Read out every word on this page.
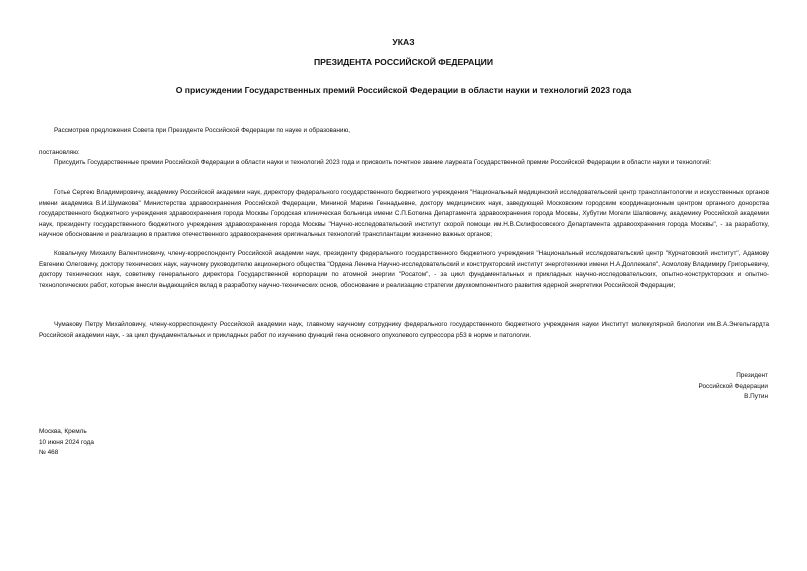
УКАЗ

ПРЕЗИДЕНТА РОССИЙСКОЙ ФЕДЕРАЦИИ

О присуждении Государственных премий Российской Федерации в области науки и технологий 2023 года

Рассмотрев предложения Совета при Президенте Российской Федерации по науке и образованию,

постановляю:

Присудить Государственные премии Российской Федерации в области науки и технологий 2023 года и присвоить почетное звание лауреата Государственной премии Российской Федерации в области науки и технологий:

Готье Сергею Владимировичу, академику Российской академии наук, директору федерального государственного бюджетного учреждения "Национальный медицинский исследовательский центр трансплантологии и искусственных органов имени академика В.И.Шумакова" Министерства здравоохранения Российской Федерации, Мининой Марине Геннадьевне, доктору медицинских наук, заведующей Московским городским координационным центром органного донорства государственного бюджетного учреждения здравоохранения города Москвы Городская клиническая больница имени С.П.Боткина Департамента здравоохранения города Москвы, Хубутии Могели Шалвовичу, академику Российской академии наук, президенту государственного бюджетного учреждения здравоохранения города Москвы "Научно-исследовательский институт скорой помощи им.Н.В.Склифосовского Департамента здравоохранения города Москвы", - за разработку, научное обоснование и реализацию в практике отечественного здравоохранения оригинальных технологий трансплантации жизненно важных органов;

Ковальчуку Михаилу Валентиновичу, члену-корреспонденту Российской академии наук, президенту федерального государственного бюджетного учреждения "Национальный исследовательский центр "Курчатовский институт", Адамову Евгению Олеговичу, доктору технических наук, научному руководителю акционерного общества "Ордена Ленина Научно-исследовательский и конструкторский институт энерготехники имени Н.А.Доллежаля", Асмолову Владимиру Григорьевичу, доктору технических наук, советнику генерального директора Государственной корпорации по атомной энергии "Росатом", - за цикл фундаментальных и прикладных научно-исследовательских, опытно-конструкторских и опытно-технологических работ, которые внесли выдающийся вклад в разработку научно-технических основ, обоснование и реализацию стратегии двухкомпонентного развития ядерной энергетики Российской Федерации;

Чумакову Петру Михайловичу, члену-корреспонденту Российской академии наук, главному научному сотруднику федерального государственного бюджетного учреждения науки Институт молекулярной биологии им.В.А.Энгельгардта Российской академии наук, - за цикл фундаментальных и прикладных работ по изучению функций гена основного опухолевого супрессора p53 в норме и патологии.

Президент
Российской Федерации
В.Путин
Москва, Кремль
10 июня 2024 года
№ 468
